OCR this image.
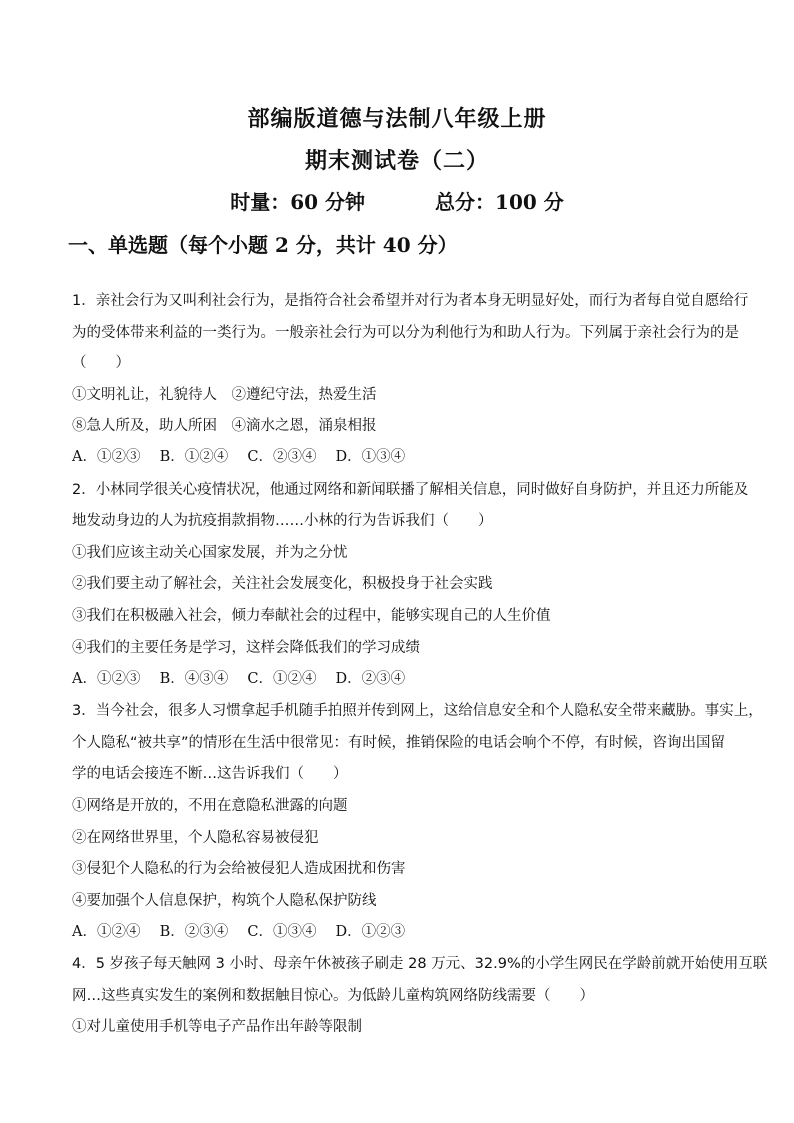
部编版道德与法制八年级上册
期末测试卷（二）
时量：60 分钟	总分：100 分
一、单选题（每个小题 2 分，共计 40 分）
1．亲社会行为又叫利社会行为，是指符合社会希望并对行为者本身无明显好处，而行为者每自觉自愿给行
为的受体带来利益的一类行为。一般亲社会行为可以分为利他行为和助人行为。下列属于亲社会行为的是
（　　）
①文明礼让，礼貌待人　②遵纪守法，热爱生活
⑧急人所及，助人所困　④滴水之恩，涌泉相报
A．①②③　 B．①②④　 C．②③④　 D．①③④
2．小林同学很关心疫情状况，他通过网络和新闻联播了解相关信息，同时做好自身防护，并且还力所能及
地发动身边的人为抗疫捐款捐物……小林的行为告诉我们（　　）
①我们应该主动关心国家发展，并为之分忧
②我们要主动了解社会，关注社会发展变化，积极投身于社会实践
③我们在积极融入社会，倾力奉献社会的过程中，能够实现自己的人生价值
④我们的主要任务是学习，这样会降低我们的学习成绩
A．①②③　 B．④③④　 C．①②④　 D．②③④
3．当今社会，很多人习惯拿起手机随手拍照并传到网上，这给信息安全和个人隐私安全带来藏胁。事实上，
个人隐私“被共享”的情形在生活中很常见：有时候，推销保险的电话会响个不停，有时候，咨询出国留
学的电话会接连不断…这告诉我们（　　）
①网络是开放的，不用在意隐私泄露的向题
②在网络世界里，个人隐私容易被侵犯
③侵犯个人隐私的行为会给被侵犯人造成困扰和伤害
④要加强个人信息保护，构筑个人隐私保护防线
A．①②④　 B．②③④　 C．①③④　 D．①②③
4．5 岁孩子每天触网 3 小时、母亲午休被孩子刷走 28 万元、32.9%的小学生网民在学龄前就开始使用互联
网…这些真实发生的案例和数据触目惊心。为低龄儿童构筑网络防线需要（　　）
①对儿童使用手机等电子产品作出年龄等限制
